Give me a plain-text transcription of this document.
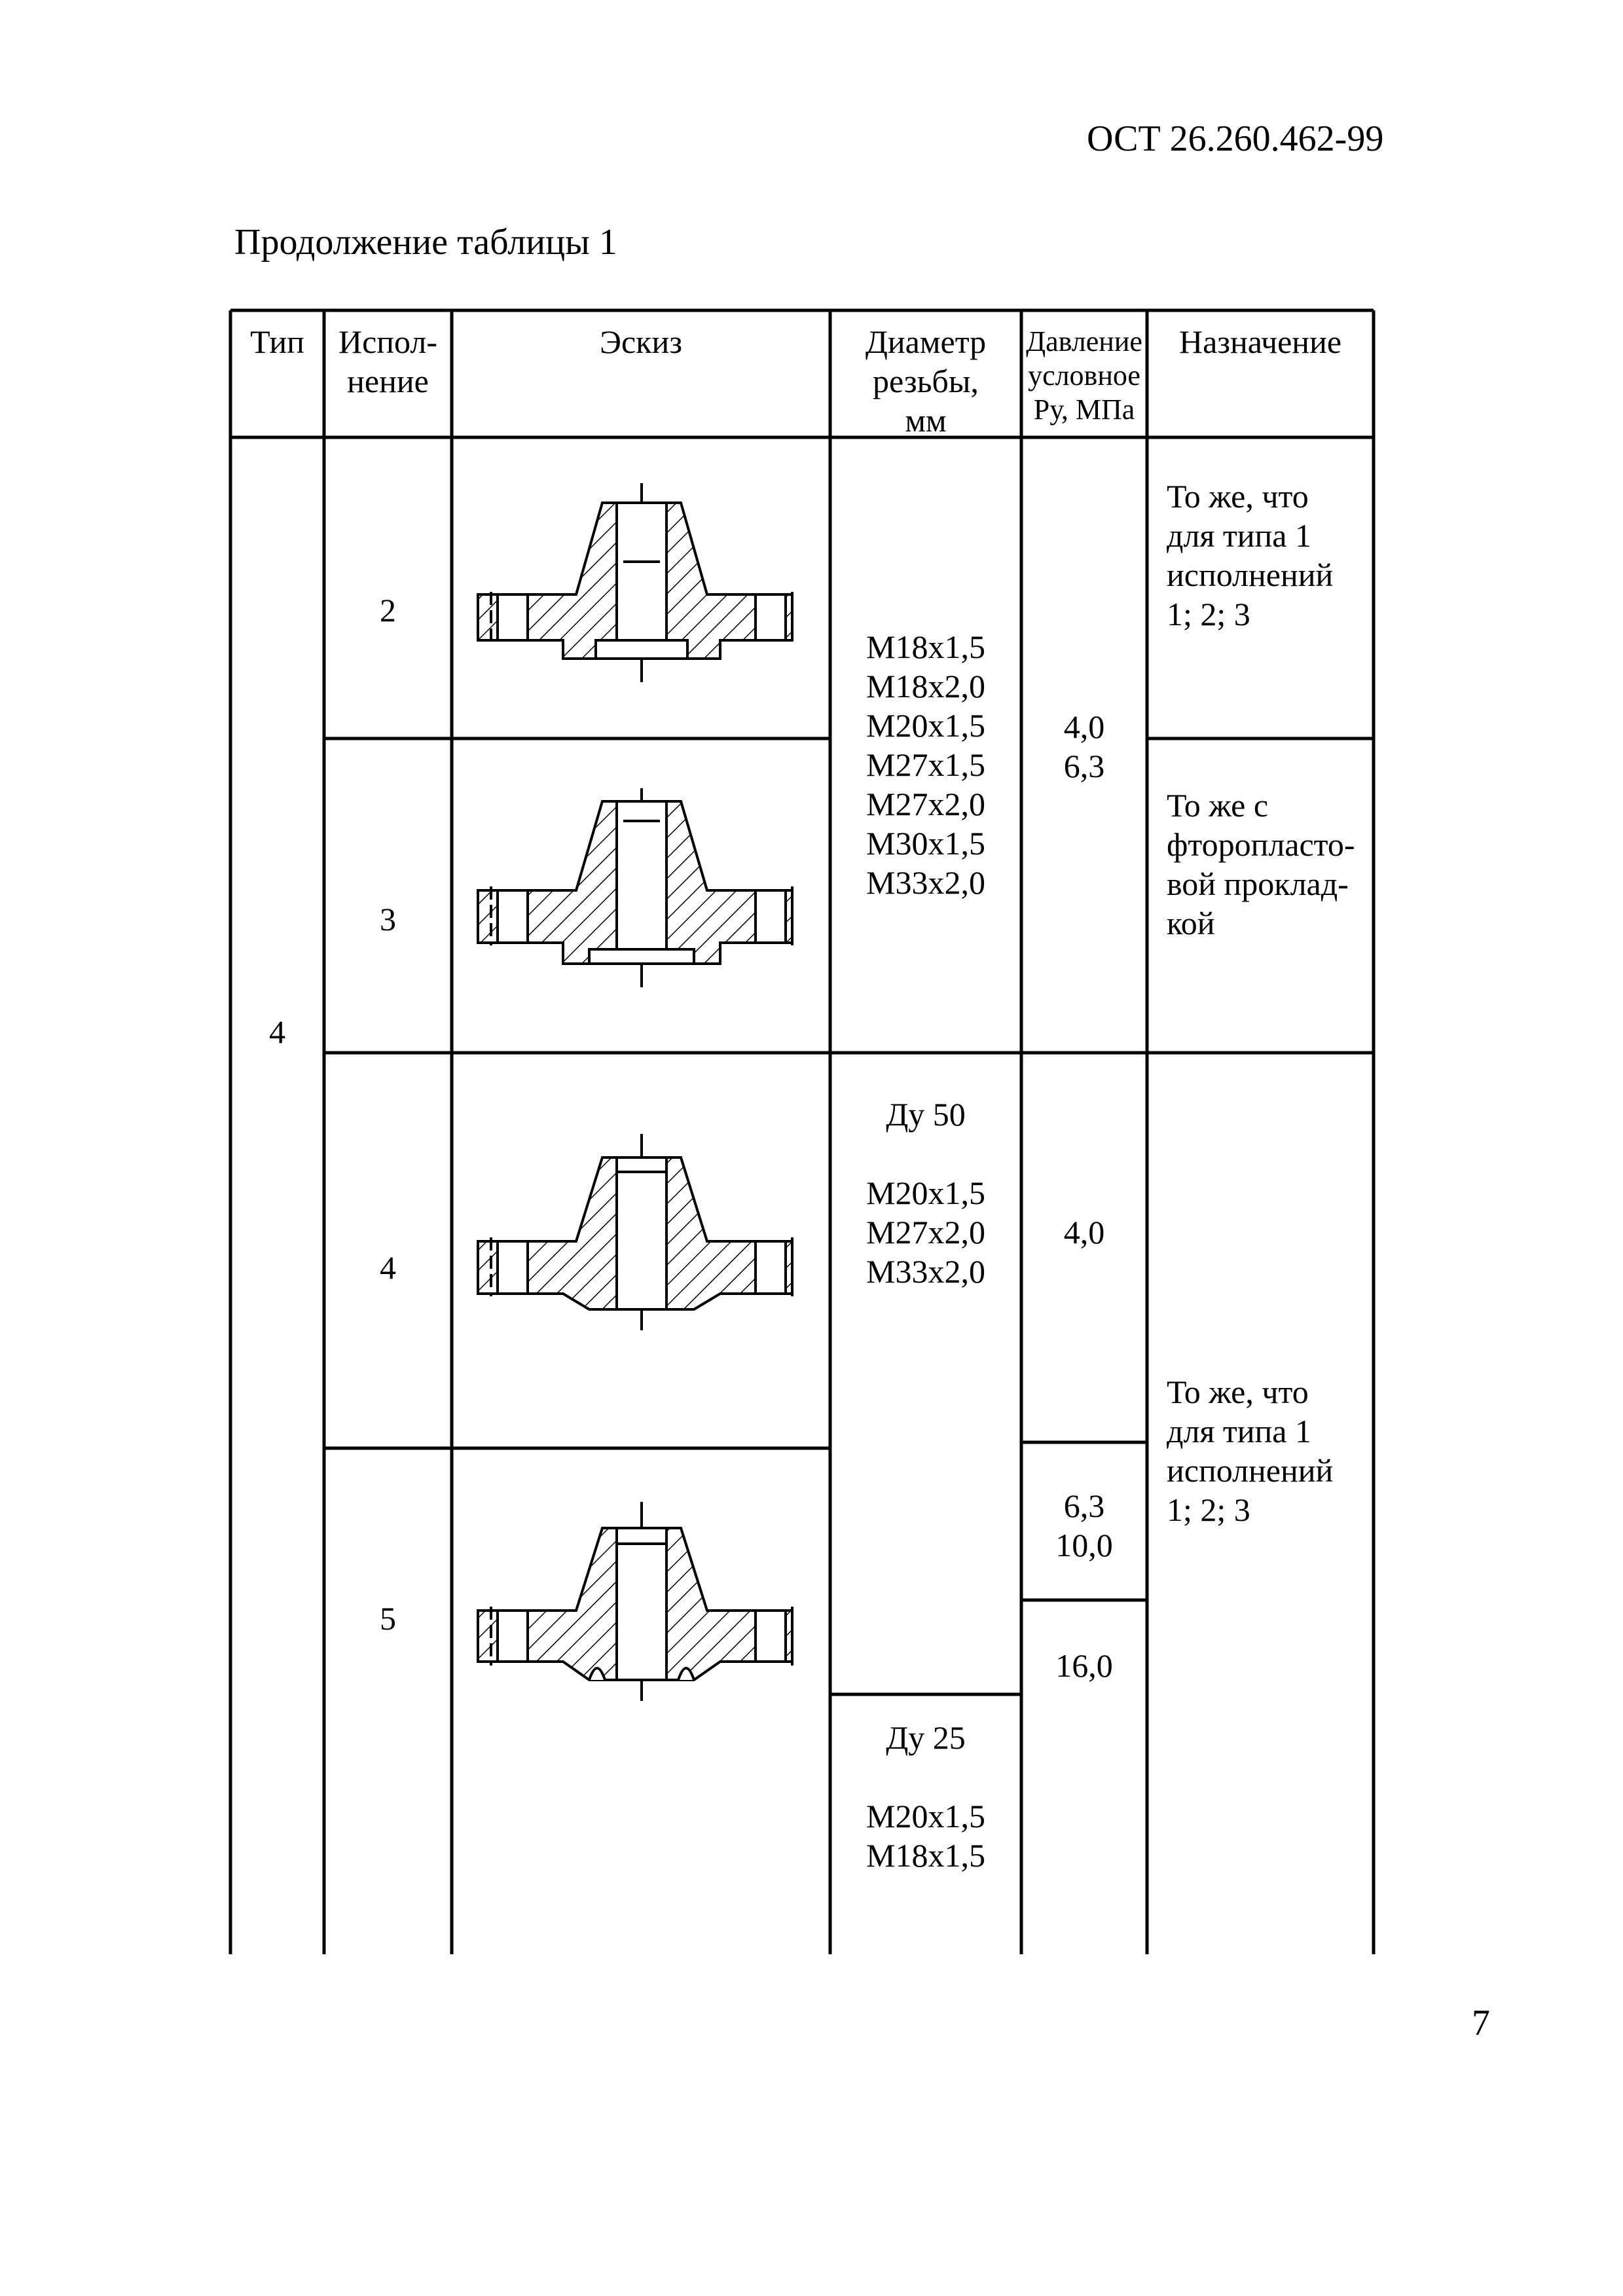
ОСТ 26.260.462-99
Продолжение таблицы 1
7
Тип	Испол-
нение
Эскиз	Диаметр
резьбы,
мм
Давление
условное
Ру, МПа
Назначение
4
2
3
4
5
М18х1,5
М18х2,0
М20х1,5
М27х1,5
М27х2,0
М30х1,5
М33х2,0
4,0
6,3
То же, что
для типа 1
исполнений
1; 2; 3
То же с
фторопласто-
вой проклад-
кой
Ду 50
М20х1,5
М27х2,0
М33х2,0
4,0
6,3
10,0
16,0
То же, что
для типа 1
исполнений
1; 2; 3
Ду 25
М20х1,5
М18х1,5
